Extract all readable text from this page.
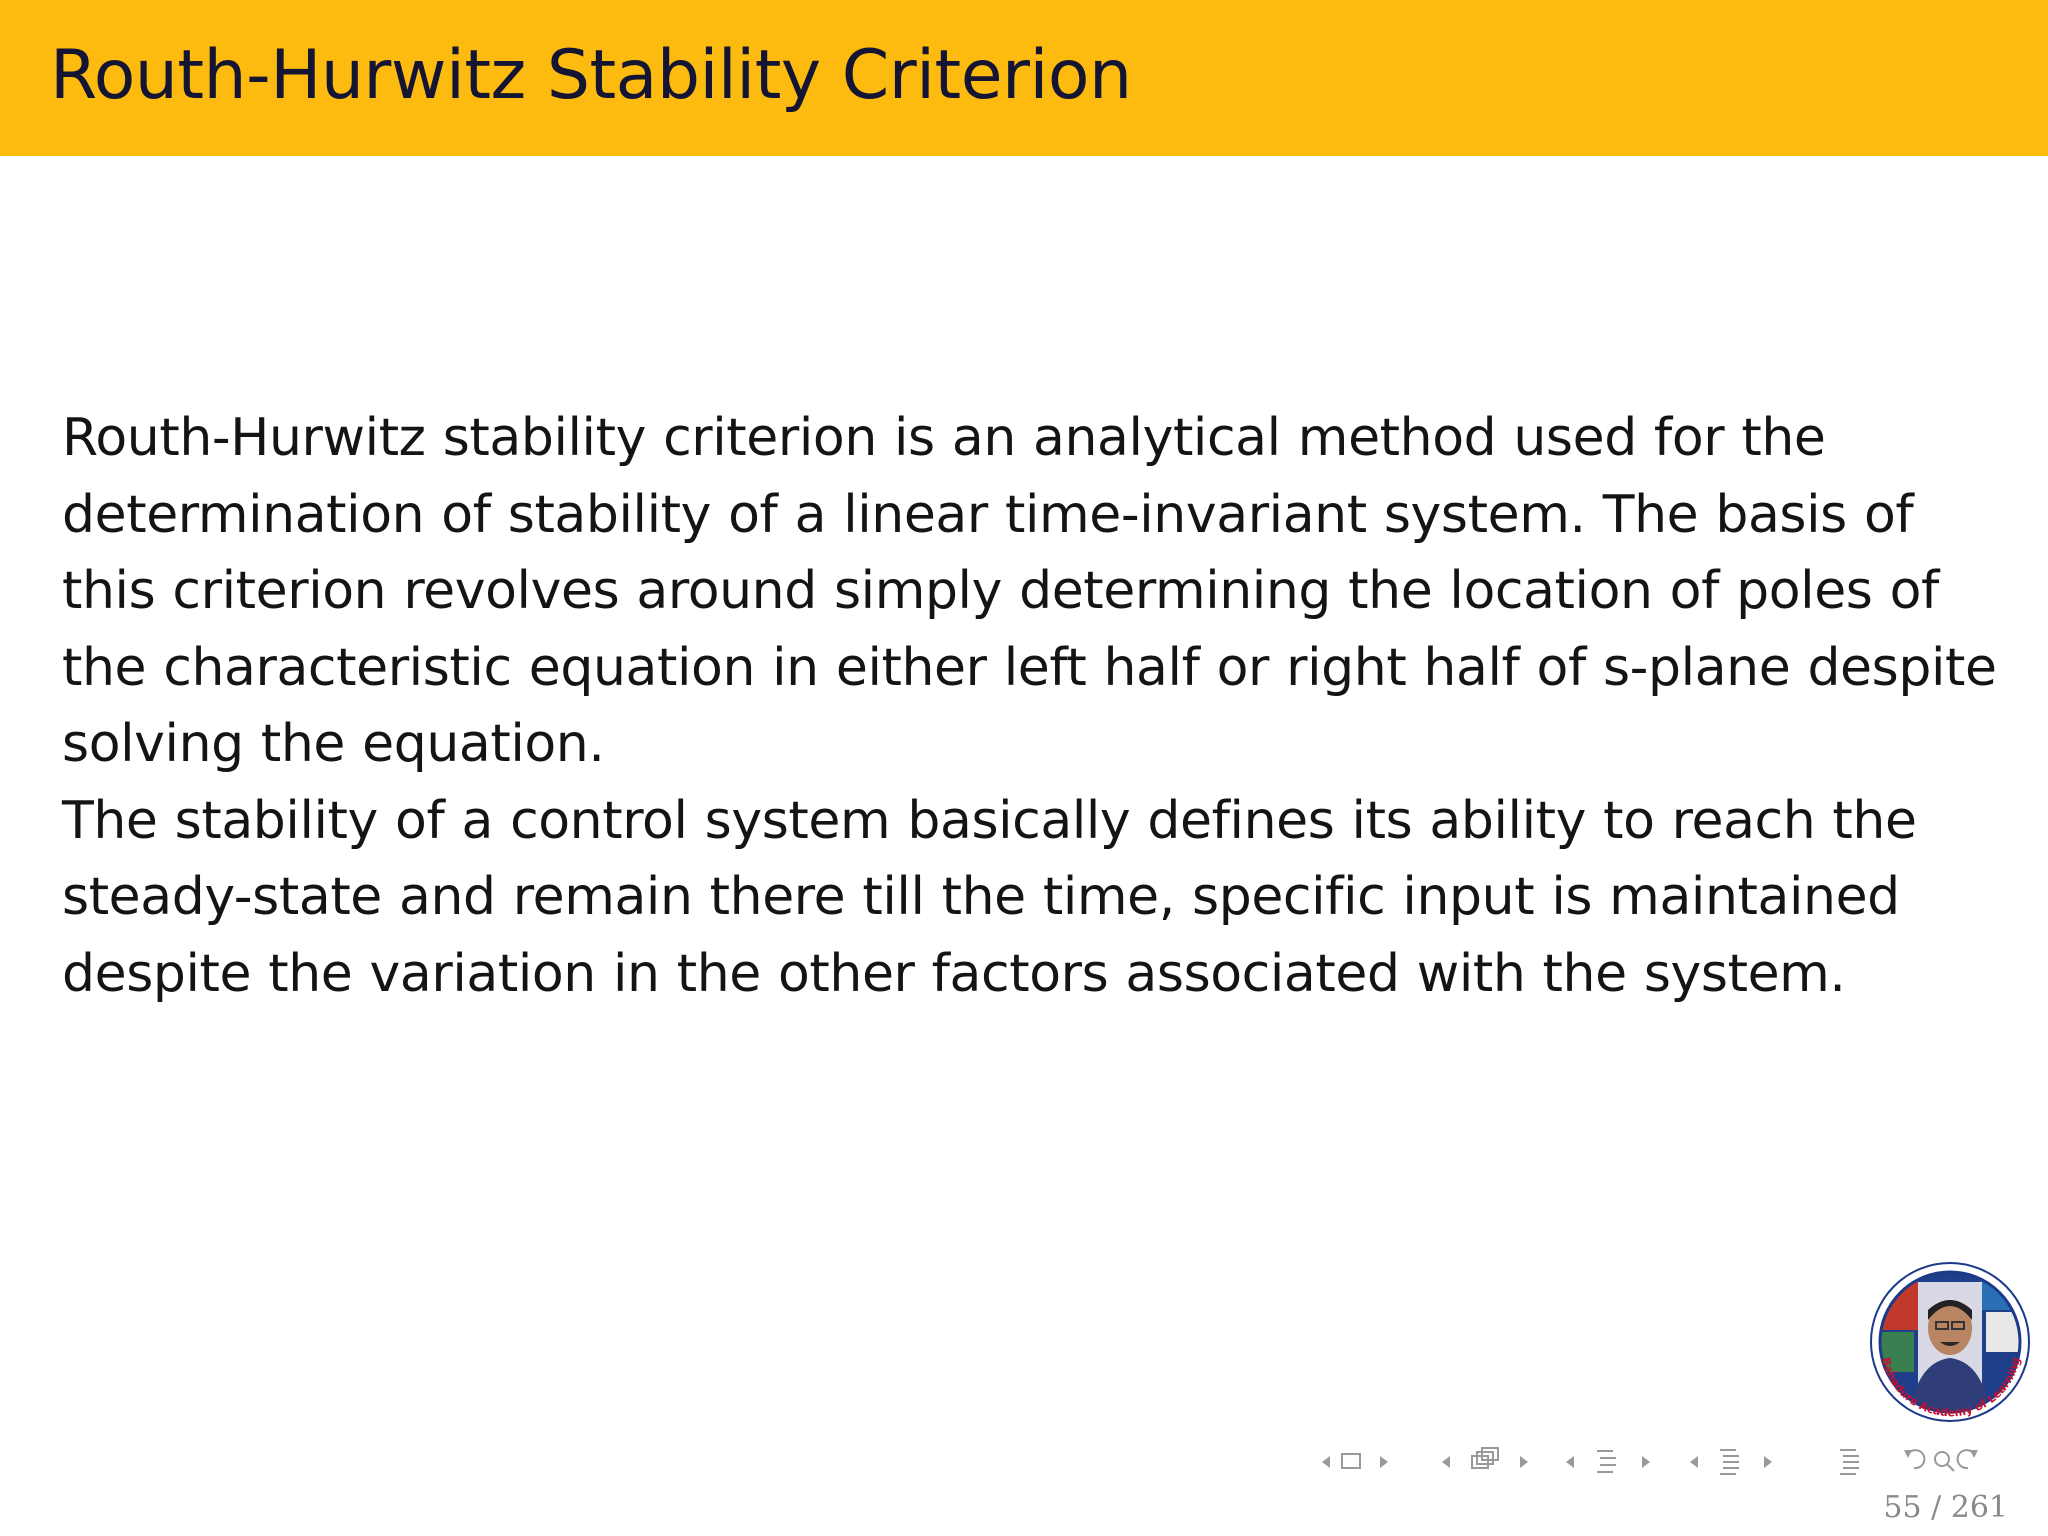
Routh-Hurwitz Stability Criterion

Routh-Hurwitz stability criterion is an analytical method used for the

determination of stability of a linear time-invariant system. The basis of

this criterion revolves around simply determining the location of poles of

the characteristic equation in either left half or right half of s-plane despite

solving the equation.

The stability of a control system basically defines its ability to reach the

steady-state and remain there till the time, specific input is maintained

despite the variation in the other factors associated with the system.

Bahadure Academy of Learning
55 / 261
